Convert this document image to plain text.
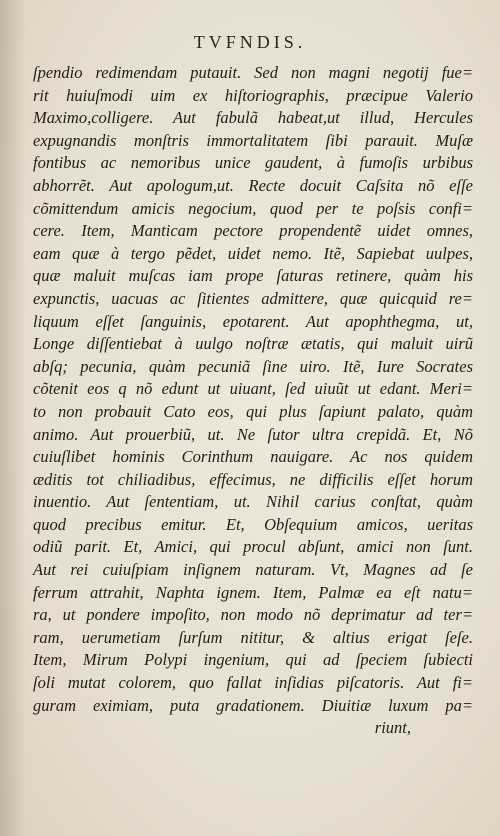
TVFNDIS.
ſpendio redimendam putauit. Sed non magni negotij fue=
rit huiuſmodi uim ex hiſtoriographis, præcipue Valerio
Maximo,colligere. Aut fabulã habeat,ut illud, Hercules
expugnandis monſtris immortalitatem ſibi parauit. Muſæ
fontibus ac nemoribus unice gaudent, à fumoſis urbibus
abhorrẽt. Aut apologum,ut. Recte docuit Caſsita nõ eſſe
cõmittendum amicis negocium, quod per te poſsis confi=
cere. Item, Manticam pectore propendentẽ uidet omnes,
eam quæ à tergo pẽdet, uidet nemo. Itẽ, Sapiebat uulpes,
quæ maluit muſcas iam prope ſaturas retinere, quàm his
expunctis, uacuas ac ſitientes admittere, quæ quicquid re=
liquum eſſet ſanguinis, epotarent. Aut apophthegma, ut,
Longe diſſentiebat à uulgo noſtræ ætatis, qui maluit uirũ
abſq; pecunia, quàm pecuniã ſine uiro. Itẽ, Iure Socrates
cõtenit eos q nõ edunt ut uiuant, ſed uiuũt ut edant. Meri=
to non probauit Cato eos, qui plus ſapiunt palato, quàm
animo. Aut prouerbiũ, ut. Ne ſutor ultra crepidã. Et, Nõ
cuiuſlibet hominis Corinthum nauigare. Ac nos quidem
æditis tot chiliadibus, effecimus, ne difficilis eſſet horum
inuentio. Aut ſententiam, ut. Nihil carius conſtat, quàm
quod precibus emitur. Et, Obſequium amicos, ueritas
odiũ parit. Et, Amici, qui procul abſunt, amici non ſunt.
Aut rei cuiuſpiam inſignem naturam. Vt, Magnes ad ſe
ferrum attrahit, Naphta ignem. Item, Palmæ ea eſt natu=
ra, ut pondere impoſito, non modo nõ deprimatur ad ter=
ram, uerumetiam ſurſum nititur, & altius erigat ſeſe.
Item, Mirum Polypi ingenium, qui ad ſpeciem ſubiecti
ſoli mutat colorem, quo fallat inſidias piſcatoris. Aut fi=
guram eximiam, puta gradationem. Diuitiæ luxum pa=
riunt,
